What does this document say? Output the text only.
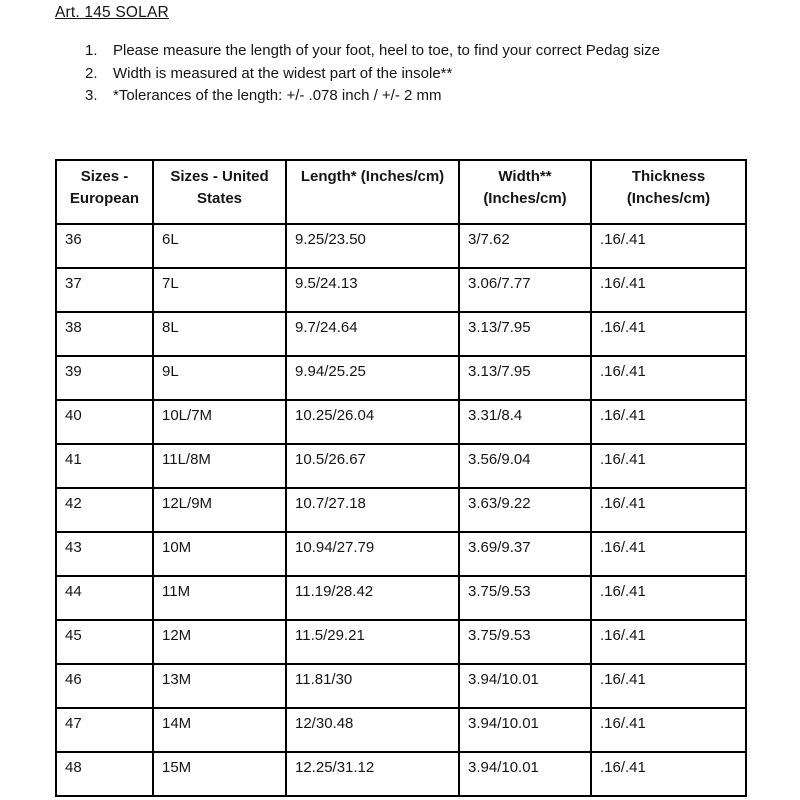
Art. 145 SOLAR
1.	Please measure the length of your foot, heel to toe, to find your correct Pedag size
2.	Width is measured at the widest part of the insole**
3.	*Tolerances of the length: +/- .078 inch / +/- 2 mm
Sizes - European	Sizes - United States	Length* (Inches/cm)	Width** (Inches/cm)	Thickness (Inches/cm)
36	6L	9.25/23.50	3/7.62	.16/.41
37	7L	9.5/24.13	3.06/7.77	.16/.41
38	8L	9.7/24.64	3.13/7.95	.16/.41
39	9L	9.94/25.25	3.13/7.95	.16/.41
40	10L/7M	10.25/26.04	3.31/8.4	.16/.41
41	11L/8M	10.5/26.67	3.56/9.04	.16/.41
42	12L/9M	10.7/27.18	3.63/9.22	.16/.41
43	10M	10.94/27.79	3.69/9.37	.16/.41
44	11M	11.19/28.42	3.75/9.53	.16/.41
45	12M	11.5/29.21	3.75/9.53	.16/.41
46	13M	11.81/30	3.94/10.01	.16/.41
47	14M	12/30.48	3.94/10.01	.16/.41
48	15M	12.25/31.12	3.94/10.01	.16/.41
